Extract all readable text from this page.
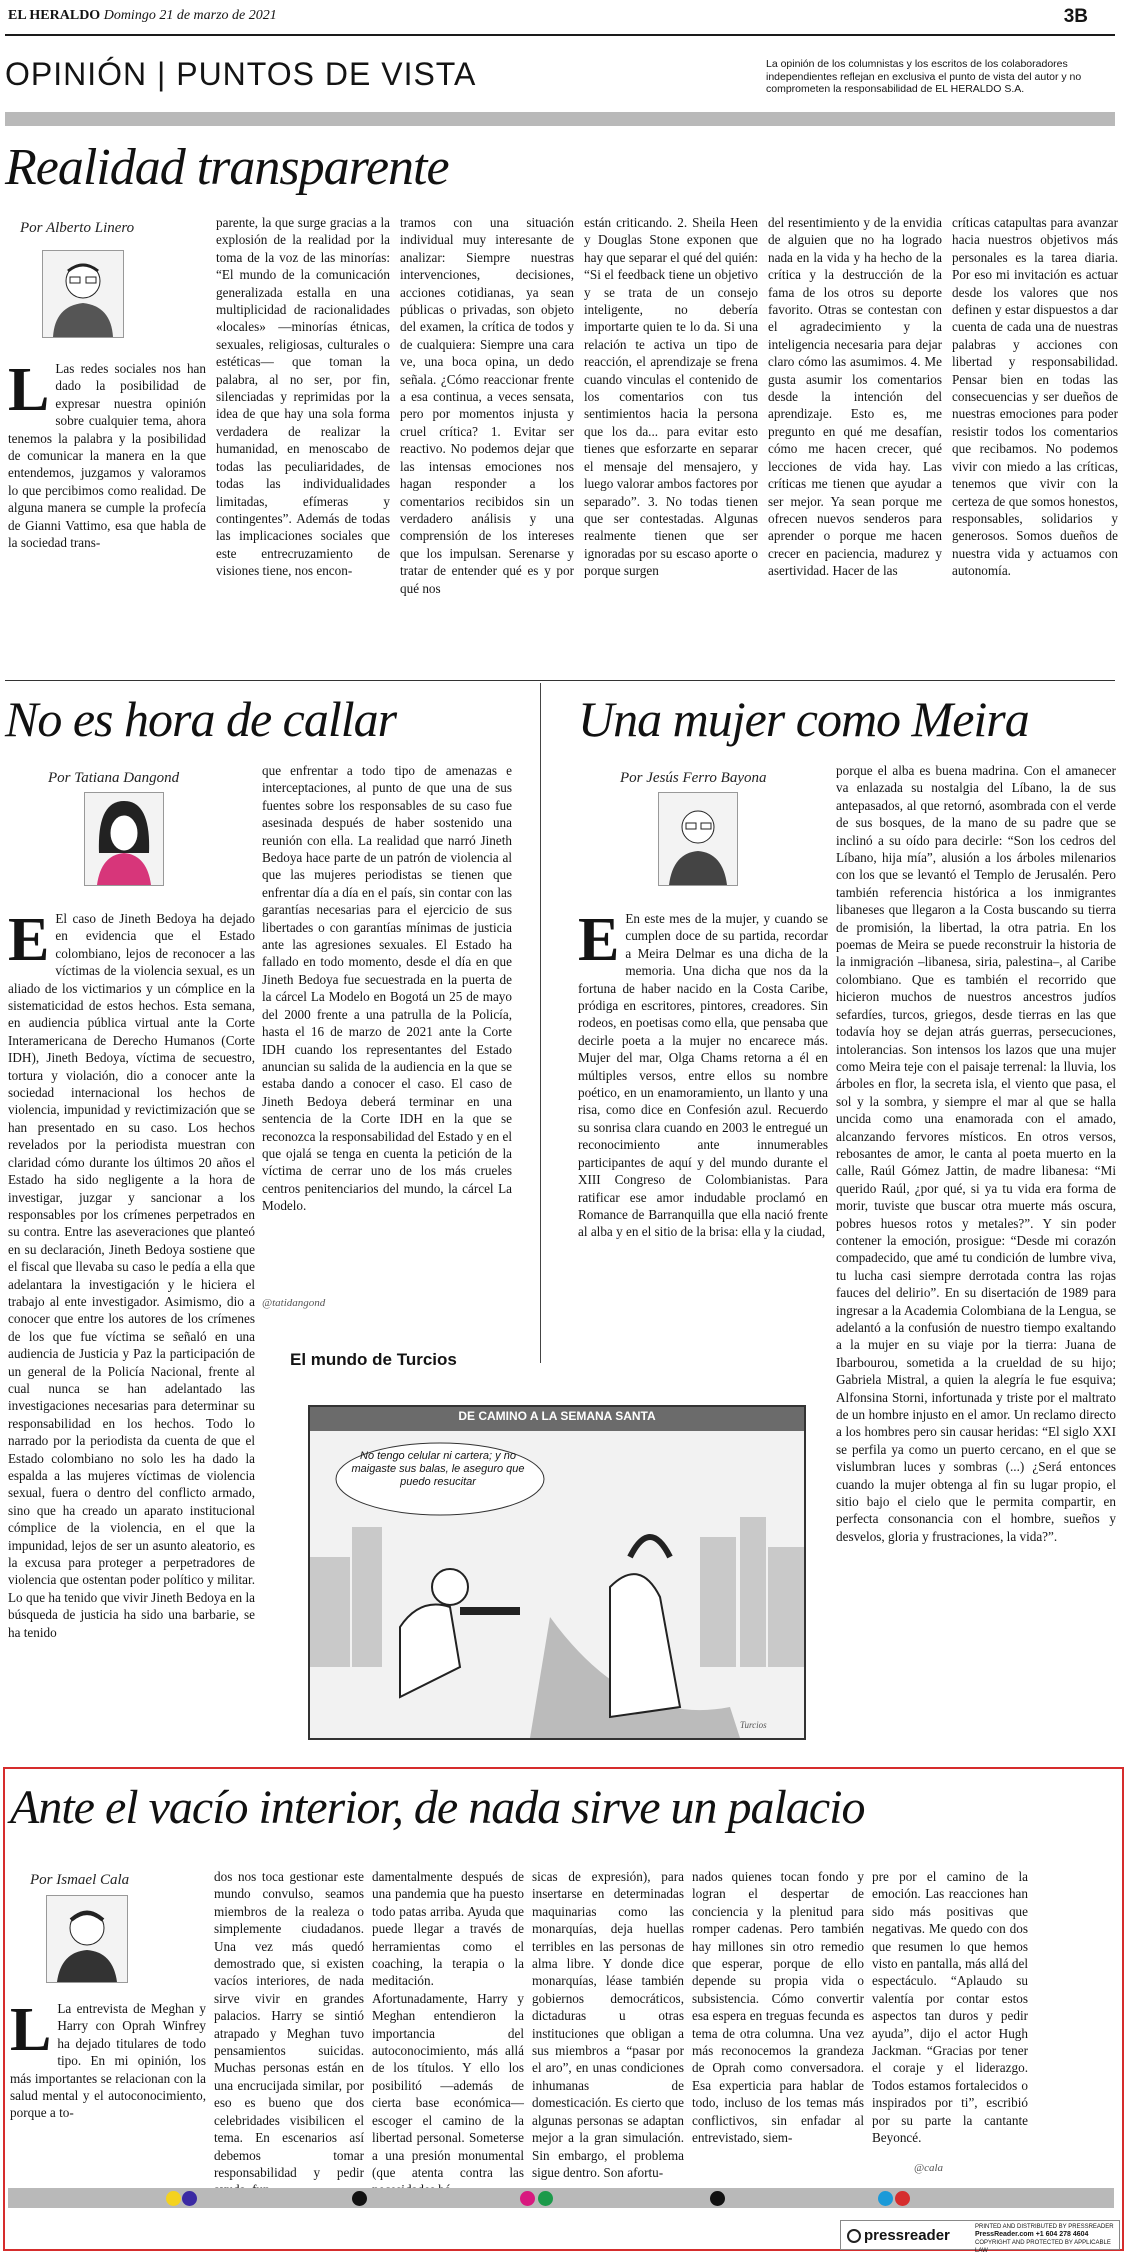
EL HERALDO Domingo 21 de marzo de 2021	3B
OPINIÓN | PUNTOS DE VISTA	La opinión de los columnistas y los escritos de los colaboradores independientes reflejan en exclusiva el punto de vista del autor y no comprometen la responsabilidad de EL HERALDO S.A.
Realidad transparente
Por Alberto Linero
L Las redes sociales nos han dado la posibilidad de expresar nuestra opinión sobre cualquier tema, ahora tenemos la palabra y la posibilidad de comunicar la manera en la que entendemos, juzgamos y valoramos lo que percibimos como realidad. De alguna manera se cumple la profecía de Gianni Vattimo, esa que habla de la sociedad trans-
parente, la que surge gracias a la explosión de la realidad por la toma de la voz de las minorías: “El mundo de la comunicación generalizada estalla en una multiplicidad de racionalidades «locales» —minorías étnicas, sexuales, religiosas, culturales o estéticas— que toman la palabra, al no ser, por fin, silenciadas y reprimidas por la idea de que hay una sola forma verdadera de realizar la humanidad, en menoscabo de todas las peculiaridades, de todas las individualidades limitadas, efímeras y contingentes”. Además de todas las implicaciones sociales que este entrecruzamiento de visiones tiene, nos encon-
tramos con una situación individual muy interesante de analizar: Siempre nuestras intervenciones, decisiones, acciones cotidianas, ya sean públicas o privadas, son objeto del examen, la crítica de todos y de cualquiera: Siempre una cara ve, una boca opina, un dedo señala. ¿Cómo reaccionar frente a esa continua, a veces sensata, pero por momentos injusta y cruel crítica? 1. Evitar ser reactivo. No podemos dejar que las intensas emociones nos hagan responder a los comentarios recibidos sin un verdadero análisis y una comprensión de los intereses que los impulsan. Serenarse y tratar de entender qué es y por qué nos
están criticando. 2. Sheila Heen y Douglas Stone exponen que hay que separar el qué del quién: “Si el feedback tiene un objetivo y se trata de un consejo inteligente, no debería importarte quien te lo da. Si una relación te activa un tipo de reacción, el aprendizaje se frena cuando vinculas el contenido de los comentarios con tus sentimientos hacia la persona que los da... para evitar esto tienes que esforzarte en separar el mensaje del mensajero, y luego valorar ambos factores por separado”. 3. No todas tienen que ser contestadas. Algunas realmente tienen que ser ignoradas por su escaso aporte o porque surgen
del resentimiento y de la envidia de alguien que no ha logrado nada en la vida y ha hecho de la crítica y la destrucción de la fama de los otros su deporte favorito. Otras se contestan con el agradecimiento y la inteligencia necesaria para dejar claro cómo las asumimos. 4. Me gusta asumir los comentarios desde la intención del aprendizaje. Esto es, me pregunto en qué me desafían, cómo me hacen crecer, qué lecciones de vida hay. Las críticas me tienen que ayudar a ser mejor. Ya sean porque me ofrecen nuevos senderos para aprender o porque me hacen crecer en paciencia, madurez y asertividad. Hacer de las
críticas catapultas para avanzar hacia nuestros objetivos más personales es la tarea diaria. Por eso mi invitación es actuar desde los valores que nos definen y estar dispuestos a dar cuenta de cada una de nuestras palabras y acciones con libertad y responsabilidad. Pensar bien en todas las consecuencias y ser dueños de nuestras emociones para poder resistir todos los comentarios que recibamos. No podemos vivir con miedo a las críticas, tenemos que vivir con la certeza de que somos honestos, responsables, solidarios y generosos. Somos dueños de nuestra vida y actuamos con autonomía.
No es hora de callar
Por Tatiana Dangond
E El caso de Jineth Bedoya ha dejado en evidencia que el Estado colombiano, lejos de reconocer a las víctimas de la violencia sexual, es un aliado de los victimarios y un cómplice en la sistematicidad de estos hechos. Esta semana, en audiencia pública virtual ante la Corte Interamericana de Derecho Humanos (Corte IDH), Jineth Bedoya, víctima de secuestro, tortura y violación, dio a conocer ante la sociedad internacional los hechos de violencia, impunidad y revictimización que se han presentado en su caso. Los hechos revelados por la periodista muestran con claridad cómo durante los últimos 20 años el Estado ha sido negligente a la hora de investigar, juzgar y sancionar a los responsables por los crímenes perpetrados en su contra. Entre las aseveraciones que planteó en su declaración, Jineth Bedoya sostiene que el fiscal que llevaba su caso le pedía a ella que adelantara la investigación y le hiciera el trabajo al ente investigador. Asimismo, dio a conocer que entre los autores de los crímenes de los que fue víctima se señaló en una audiencia de Justicia y Paz la participación de un general de la Policía Nacional, frente al cual nunca se han adelantado las investigaciones necesarias para determinar su responsabilidad en los hechos. Todo lo narrado por la periodista da cuenta de que el Estado colombiano no solo les ha dado la espalda a las mujeres víctimas de violencia sexual, fuera o dentro del conflicto armado, sino que ha creado un aparato institucional cómplice de la violencia, en el que la impunidad, lejos de ser un asunto aleatorio, es la excusa para proteger a perpetradores de violencia que ostentan poder político y militar. Lo que ha tenido que vivir Jineth Bedoya en la búsqueda de justicia ha sido una barbarie, se ha tenido
que enfrentar a todo tipo de amenazas e interceptaciones, al punto de que una de sus fuentes sobre los responsables de su caso fue asesinada después de haber sostenido una reunión con ella. La realidad que narró Jineth Bedoya hace parte de un patrón de violencia al que las mujeres periodistas se tienen que enfrentar día a día en el país, sin contar con las garantías necesarias para el ejercicio de sus libertades o con garantías mínimas de justicia ante las agresiones sexuales. El Estado ha fallado en todo momento, desde el día en que Jineth Bedoya fue secuestrada en la puerta de la cárcel La Modelo en Bogotá un 25 de mayo del 2000 frente a una patrulla de la Policía, hasta el 16 de marzo de 2021 ante la Corte IDH cuando los representantes del Estado anuncian su salida de la audiencia en la que se estaba dando a conocer el caso. El caso de Jineth Bedoya deberá terminar en una sentencia de la Corte IDH en la que se reconozca la responsabilidad del Estado y en el que ojalá se tenga en cuenta la petición de la víctima de cerrar uno de los más crueles centros penitenciarios del mundo, la cárcel La Modelo.
@tatidangond
Una mujer como Meira
Por Jesús Ferro Bayona
E En este mes de la mujer, y cuando se cumplen doce de su partida, recordar a Meira Delmar es una dicha de la memoria. Una dicha que nos da la fortuna de haber nacido en la Costa Caribe, pródiga en escritores, pintores, creadores. Sin rodeos, en poetisas como ella, que pensaba que decirle poeta a la mujer no encarece más. Mujer del mar, Olga Chams retorna a él en múltiples versos, entre ellos su nombre poético, en un enamoramiento, un llanto y una risa, como dice en Confesión azul. Recuerdo su sonrisa clara cuando en 2003 le entregué un reconocimiento ante innumerables participantes de aquí y del mundo durante el XIII Congreso de Colombianistas. Para ratificar ese amor indudable proclamó en Romance de Barranquilla que ella nació frente al alba y en el sitio de la brisa: ella y la ciudad,
porque el alba es buena madrina. Con el amanecer va enlazada su nostalgia del Líbano, la de sus antepasados, al que retornó, asombrada con el verde de sus bosques, de la mano de su padre que se inclinó a su oído para decirle: “Son los cedros del Líbano, hija mía”, alusión a los árboles milenarios con los que se levantó el Templo de Jerusalén. Pero también referencia histórica a los inmigrantes libaneses que llegaron a la Costa buscando su tierra de promisión, la libertad, la otra patria. En los poemas de Meira se puede reconstruir la historia de la inmigración –libanesa, siria, palestina–, al Caribe colombiano. Que es también el recorrido que hicieron muchos de nuestros ancestros judíos sefardíes, turcos, griegos, desde tierras en las que todavía hoy se dejan atrás guerras, persecuciones, intolerancias. Son intensos los lazos que una mujer como Meira teje con el paisaje terrenal: la lluvia, los árboles en flor, la secreta isla, el viento que pasa, el sol y la sombra, y siempre el mar al que se halla uncida como una enamorada con el amado, alcanzando fervores místicos. En otros versos, rebosantes de amor, le canta al poeta muerto en la calle, Raúl Gómez Jattin, de madre libanesa: “Mi querido Raúl, ¿por qué, si ya tu vida era forma de morir, tuviste que buscar otra muerte más oscura, pobres huesos rotos y metales?”. Y sin poder contener la emoción, prosigue: “Desde mi corazón compadecido, que amé tu condición de lumbre viva, tu lucha casi siempre derrotada contra las rojas fauces del delirio”. En su disertación de 1989 para ingresar a la Academia Colombiana de la Lengua, se adelantó a la confusión de nuestro tiempo exaltando a la mujer en su viaje por la tierra: Juana de Ibarbourou, sometida a la crueldad de su hijo; Gabriela Mistral, a quien la alegría le fue esquiva; Alfonsina Storni, infortunada y triste por el maltrato de un hombre injusto en el amor. Un reclamo directo a los hombres pero sin causar heridas: “El siglo XXI se perfila ya como un puerto cercano, en el que se vislumbran luces y sombras (...) ¿Será entonces cuando la mujer obtenga al fin su lugar propio, el sitio bajo el cielo que le permita compartir, en perfecta consonancia con el hombre, sueños y desvelos, gloria y frustraciones, la vida?”.
El mundo de Turcios
DE CAMINO A LA SEMANA SANTA
No tengo celular ni cartera; y no maigaste sus balas, le aseguro que puedo resucitar
Turcios
Ante el vacío interior, de nada sirve un palacio
Por Ismael Cala
L La entrevista de Meghan y Harry con Oprah Winfrey ha dejado titulares de todo tipo. En mi opinión, los más importantes se relacionan con la salud mental y el autoconocimiento, porque a to-
dos nos toca gestionar este mundo convulso, seamos miembros de la realeza o simplemente ciudadanos. Una vez más quedó demostrado que, si existen vacíos interiores, de nada sirve vivir en grandes palacios. Harry se sintió atrapado y Meghan tuvo pensamientos suicidas. Muchas personas están en una encrucijada similar, por eso es bueno que dos celebridades visibilicen el tema. En escenarios así debemos tomar responsabilidad y pedir
damentalmente después de una pandemia que ha puesto todo patas arriba. Ayuda que puede llegar a través de herramientas como el coaching, la terapia o la meditación. Afortunadamente, Harry y Meghan entendieron la importancia del autoconocimiento, más allá de los títulos. Y ello los posibilitó —además de cierta base económica— escoger el camino de la libertad personal. Someterse a una presión monumental (que atenta contra las
sicas de expresión), para insertarse en determinadas maquinarias como las monarquías, deja huellas terribles en las personas de alma libre. Y donde dice monarquías, léase también gobiernos democráticos, dictaduras u otras instituciones que obligan a sus miembros a “pasar por el aro”, en unas condiciones inhumanas de domesticación. Es cierto que algunas personas se adaptan mejor a la gran simulación. Sin embargo, el problema sigue dentro. Son afortu-
nados quienes tocan fondo y logran el despertar de conciencia y la plenitud para romper cadenas. Pero también hay millones sin otro remedio que esperar, porque de ello depende su propia vida o subsistencia. Cómo convertir esa espera en treguas fecunda es tema de otra columna. Una vez más reconocemos la grandeza de Oprah como conversadora. Esa experticia para hablar de todo, incluso de los temas más conflictivos, sin enfadar al entrevistado, siem-
pre por el camino de la emoción. Las reacciones han sido más positivas que negativas. Me quedo con dos que resumen lo que hemos visto en pantalla, más allá del espectáculo. “Aplaudo su valentía por contar estos aspectos tan duros y pedir ayuda”, dijo el actor Hugh Jackman. “Gracias por tener el coraje y el liderazgo. Todos estamos fortalecidos o inspirados por ti”, escribió por su parte la cantante Beyoncé.
@cala
pressreader	PRINTED AND DISTRIBUTED BY PRESSREADER
PressReader.com +1 604 278 4604
COPYRIGHT AND PROTECTED BY APPLICABLE LAW
